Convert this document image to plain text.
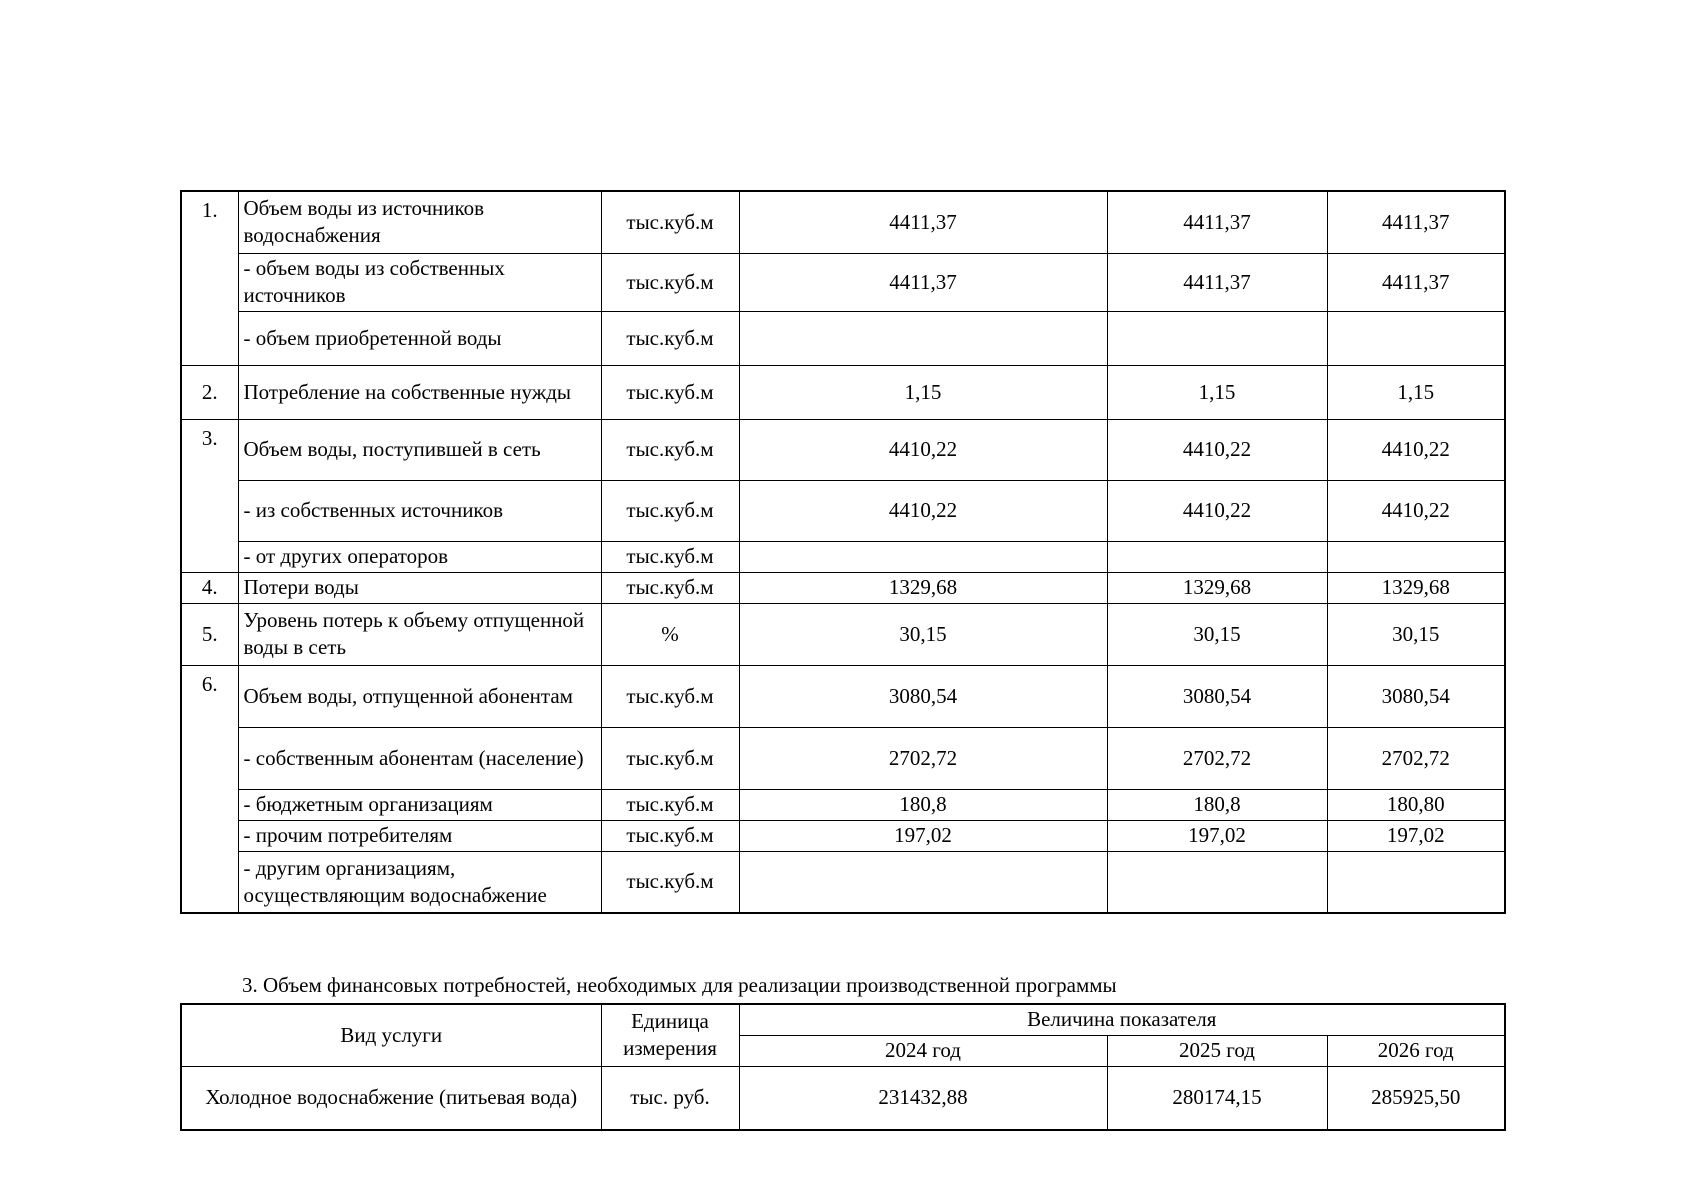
1.	Объем воды из источников водоснабжения	тыс.куб.м	4411,37	4411,37	4411,37
	- объем воды из собственных источников	тыс.куб.м	4411,37	4411,37	4411,37
	- объем приобретенной воды	тыс.куб.м			
2.	Потребление на собственные нужды	тыс.куб.м	1,15	1,15	1,15
3.	Объем воды, поступившей в сеть	тыс.куб.м	4410,22	4410,22	4410,22
	- из собственных источников	тыс.куб.м	4410,22	4410,22	4410,22
	- от других операторов	тыс.куб.м			
4.	Потери воды	тыс.куб.м	1329,68	1329,68	1329,68
5.	Уровень потерь к объему отпущенной воды в сеть	%	30,15	30,15	30,15
6.	Объем воды, отпущенной абонентам	тыс.куб.м	3080,54	3080,54	3080,54
	- собственным абонентам (население)	тыс.куб.м	2702,72	2702,72	2702,72
	- бюджетным организациям	тыс.куб.м	180,8	180,8	180,80
	- прочим потребителям	тыс.куб.м	197,02	197,02	197,02
	- другим организациям, осуществляющим водоснабжение	тыс.куб.м			
3. Объем финансовых потребностей, необходимых для реализации производственной программы
Вид услуги	Единица измерения	Величина показателя		
		2024 год	2025 год	2026 год
Холодное водоснабжение (питьевая вода)	тыс. руб.	231432,88	280174,15	285925,50
